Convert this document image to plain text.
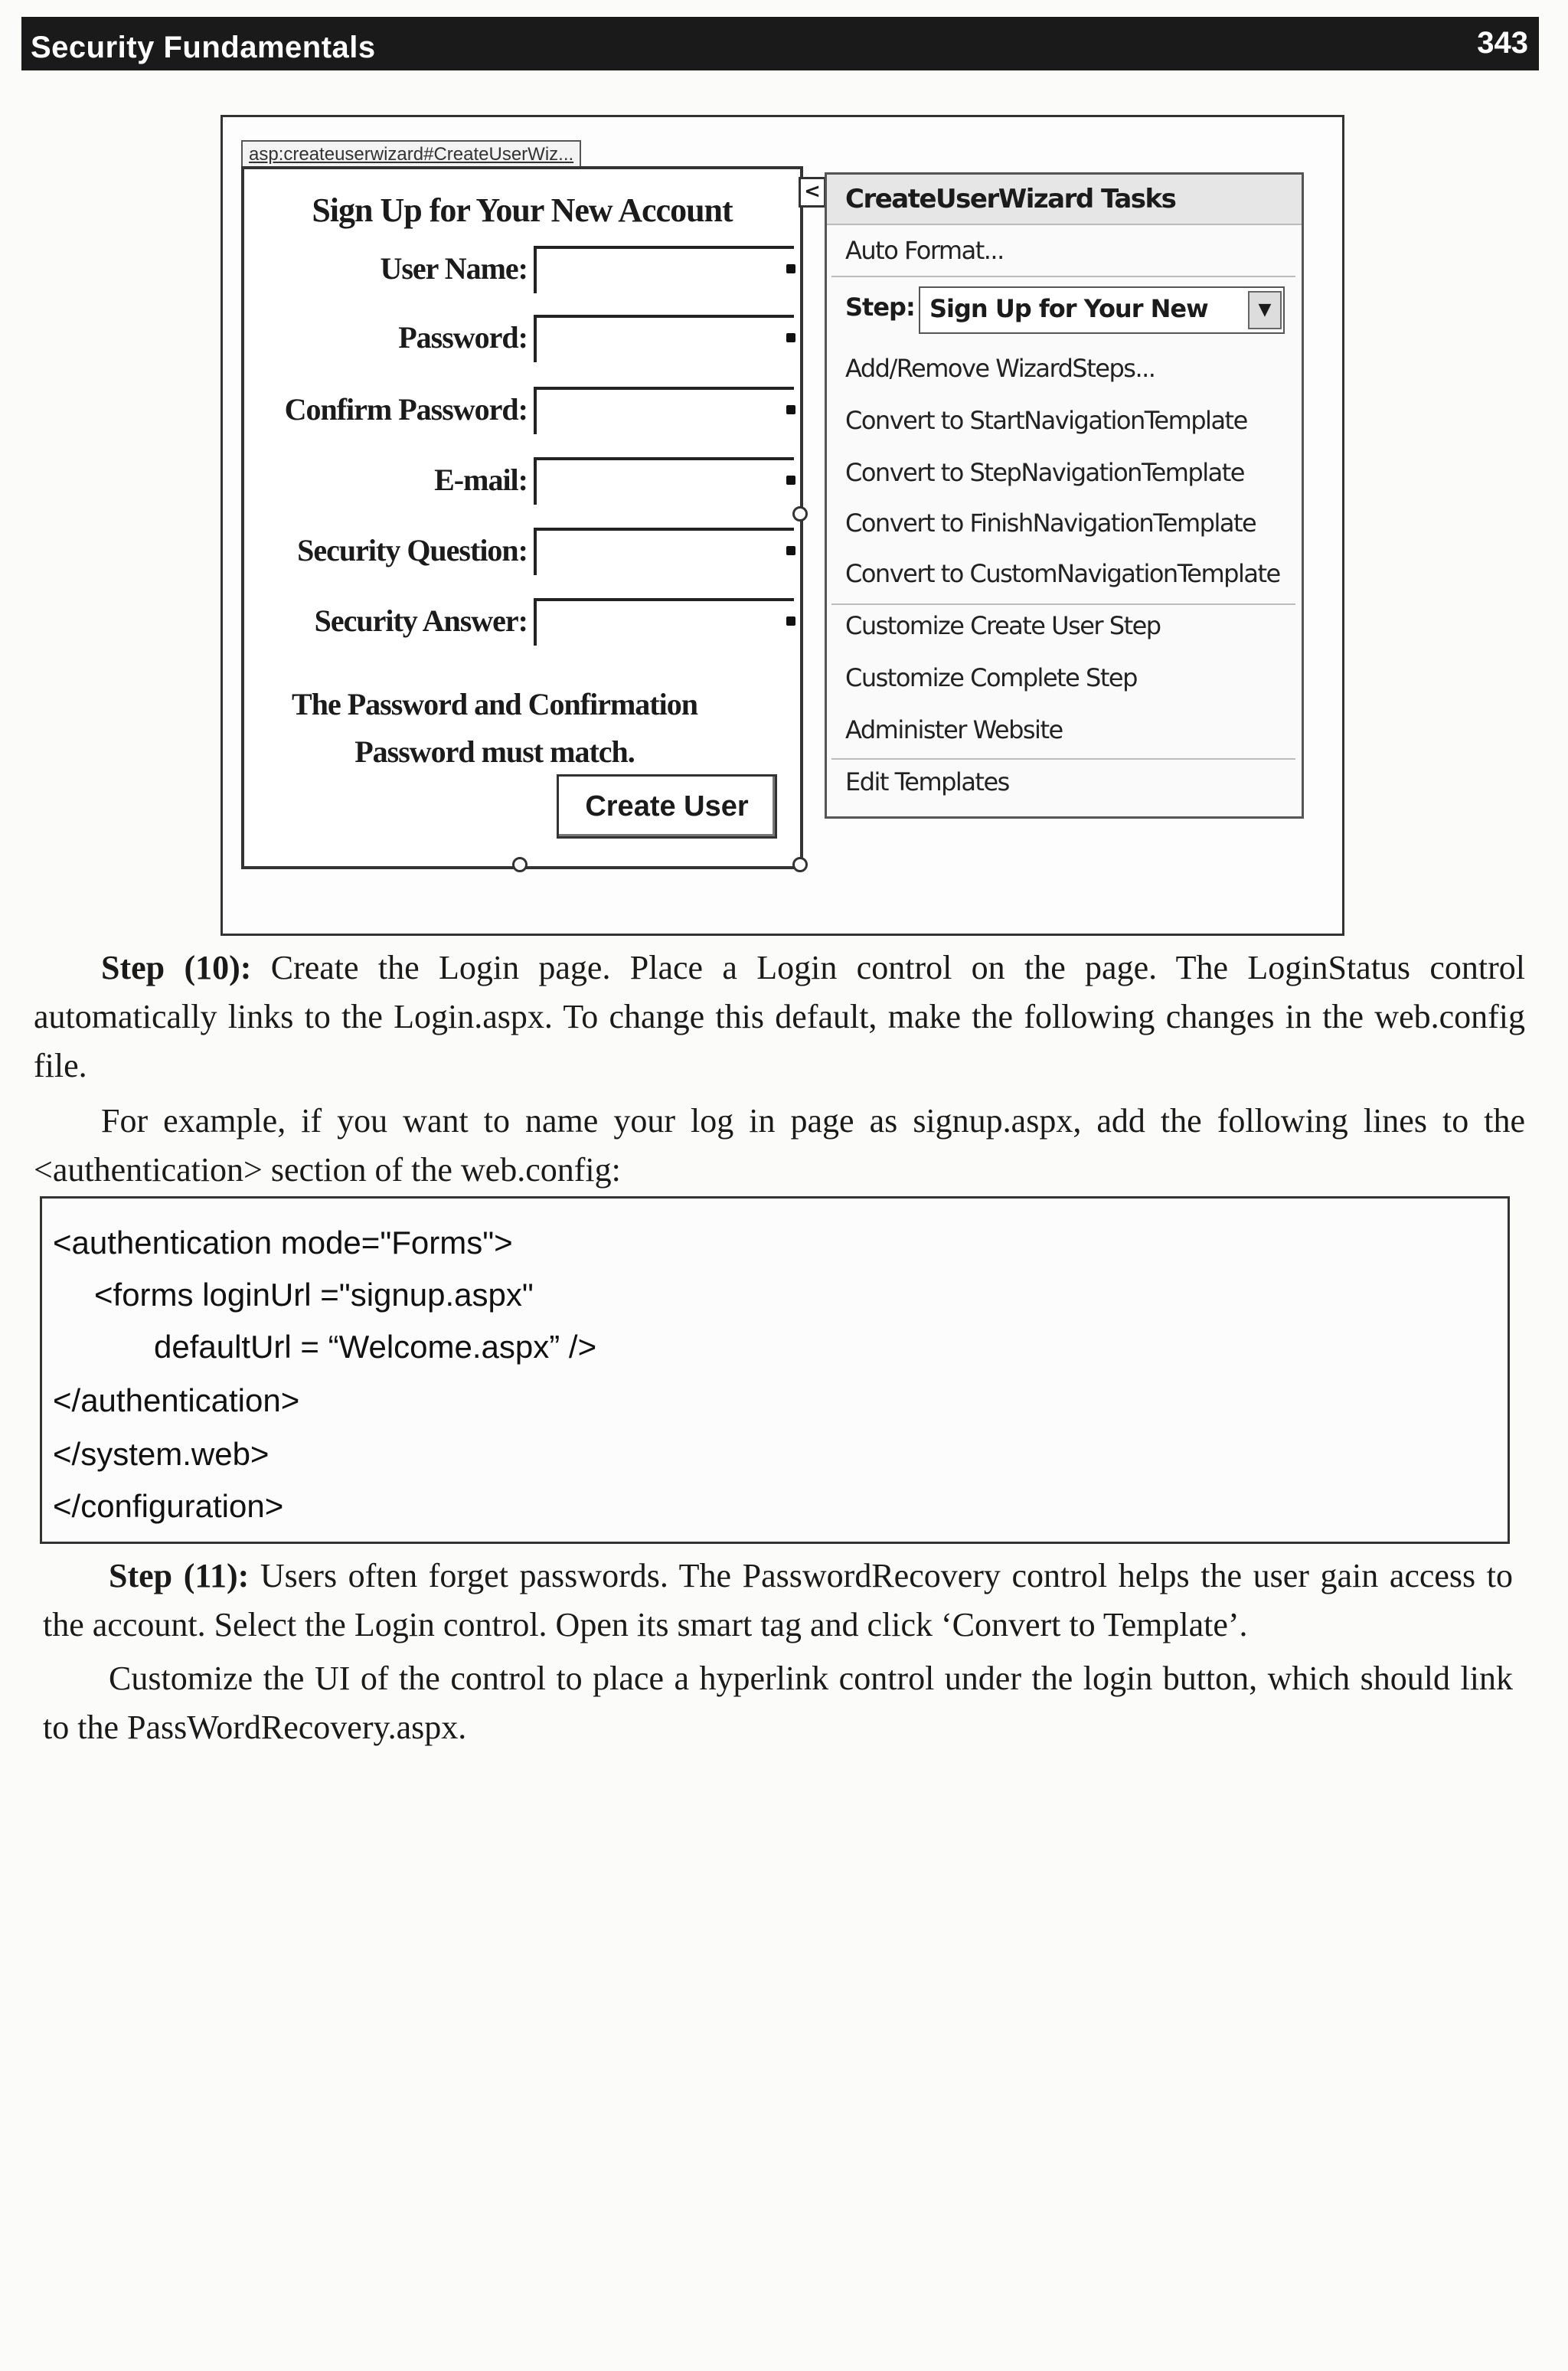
Security Fundamentals	343
asp:createuserwizard#CreateUserWiz...
Sign Up for Your New Account
User Name:
Password:
Confirm Password:
E-mail:
Security Question:
Security Answer:
The Password and Confirmation
Password must match.
Create User
< CreateUserWizard Tasks
Auto Format...
Step: Sign Up for Your New	▼
Add/Remove WizardSteps...
Convert to StartNavigationTemplate
Convert to StepNavigationTemplate
Convert to FinishNavigationTemplate
Convert to CustomNavigationTemplate
Customize Create User Step
Customize Complete Step
Administer Website
Edit Templates
Step (10): Create the Login page. Place a Login control on the page. The LoginStatus control automatically links to the Login.aspx. To change this default, make the following changes in the web.config file.
For example, if you want to name your log in page as signup.aspx, add the following lines to the <authentication> section of the web.config:
<authentication mode="Forms">
<forms loginUrl ="signup.aspx"
defaultUrl = “Welcome.aspx” />
</authentication>
</system.web>
</configuration>
Step (11): Users often forget passwords. The PasswordRecovery control helps the user gain access to the account. Select the Login control. Open its smart tag and click ‘Convert to Template’.
Customize the UI of the control to place a hyperlink control under the login button, which should link to the PassWordRecovery.aspx.
